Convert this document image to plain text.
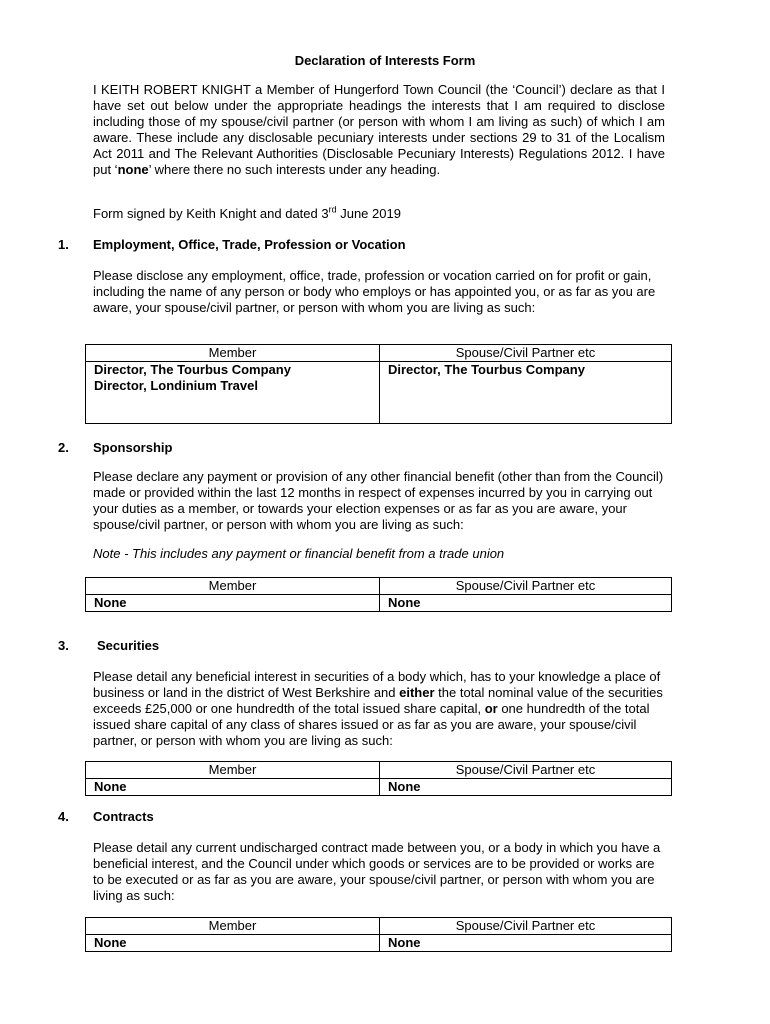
Declaration of Interests Form

I KEITH ROBERT KNIGHT a Member of Hungerford Town Council (the ‘Council’) declare as that I have set out below under the appropriate headings the interests that I am required to disclose including those of my spouse/civil partner (or person with whom I am living as such) of which I am aware. These include any disclosable pecuniary interests under sections 29 to 31 of the Localism Act 2011 and The Relevant Authorities (Disclosable Pecuniary Interests) Regulations 2012. I have put ‘none’ where there no such interests under any heading.

Form signed by Keith Knight and dated 3rd June 2019

1. Employment, Office, Trade, Profession or Vocation

Please disclose any employment, office, trade, profession or vocation carried on for profit or gain, including the name of any person or body who employs or has appointed you, or as far as you are aware, your spouse/civil partner, or person with whom you are living as such:

Member	Spouse/Civil Partner etc

Director, The Tourbus Company
Director, Londinium Travel	Director, The Tourbus Company
2. Sponsorship

Please declare any payment or provision of any other financial benefit (other than from the Council) made or provided within the last 12 months in respect of expenses incurred by you in carrying out your duties as a member, or towards your election expenses or as far as you are aware, your spouse/civil partner, or person with whom you are living as such:

Note - This includes any payment or financial benefit from a trade union
Member	Spouse/Civil Partner etc

None	None
3. Securities

Please detail any beneficial interest in securities of a body which, has to your knowledge a place of business or land in the district of West Berkshire and either the total nominal value of the securities exceeds £25,000 or one hundredth of the total issued share capital, or one hundredth of the total issued share capital of any class of shares issued or as far as you are aware, your spouse/civil partner, or person with whom you are living as such:

Member	Spouse/Civil Partner etc

None	None
4. Contracts

Please detail any current undischarged contract made between you, or a body in which you have a beneficial interest, and the Council under which goods or services are to be provided or works are to be executed or as far as you are aware, your spouse/civil partner, or person with whom you are living as such:

Member	Spouse/Civil Partner etc

None	None
